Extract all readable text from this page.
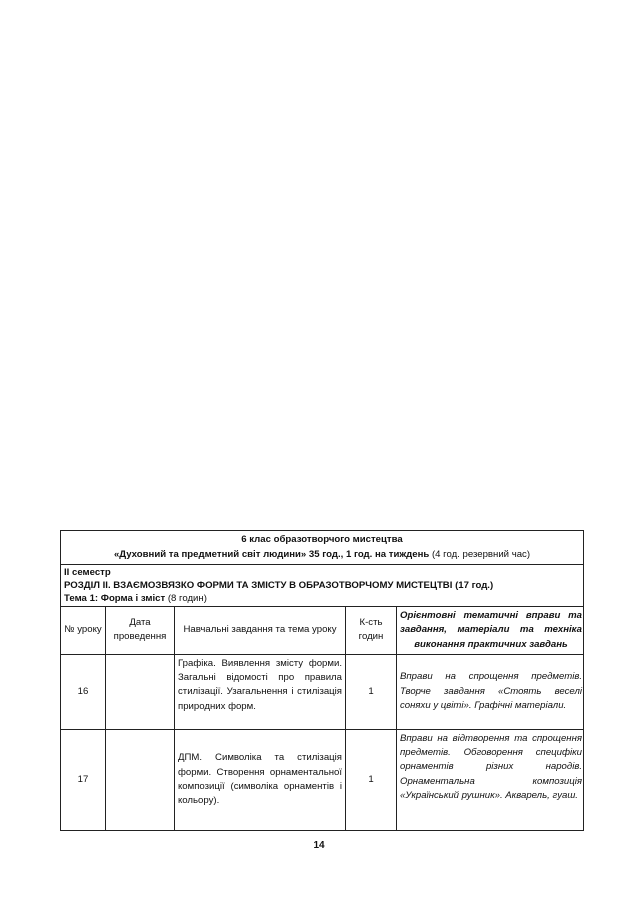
6 клас образотворчого мистецтва
«Духовний та предметний світ людини» 35 год., 1 год. на тиждень (4 год. резервний час)
ІІ семестр
РОЗДІЛ ІІ. ВЗАЄМОЗВЯЗКО ФОРМИ ТА ЗМІСТУ В ОБРАЗОТВОРЧОМУ МИСТЕЦТВІ (17 год.)
Тема 1: Форма і зміст (8 годин)
№ уроку
Дата проведення
Навчальні завдання та тема уроку
К-сть годин
Орієнтовні тематичні вправи та завдання, матеріали та техніка виконання практичних завдань
16
Графіка. Виявлення змісту форми. Загальні відомості про правила стилізації. Узагальнення і стилізація природних форм.
1
Вправи на спрощення предметів. Творче завдання «Стоять веселі соняхи у цвіті». Графічні матеріали.
17
ДПМ. Символіка та стилізація форми. Створення орнаментальної композиції (символіка орнаментів і кольору).
1
Вправи на відтворення та спрощення предметів. Обговорення специфіки орнаментів різних народів. Орнаментальна композиція «Український рушник». Акварель, гуаш.
14
